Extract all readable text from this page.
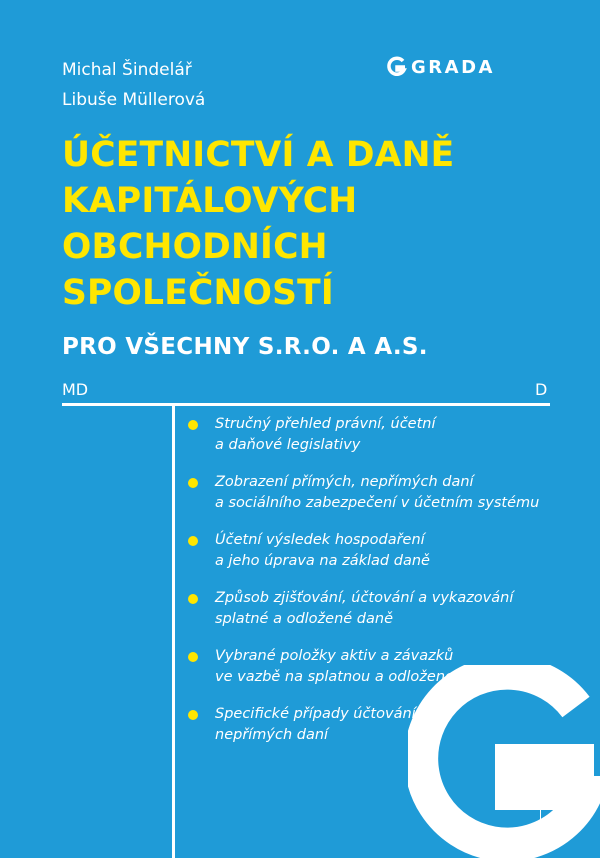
Michal Šindelář
Libuše Müllerová
GRADA
ÚČETNICTVÍ A DANĚ
KAPITÁLOVÝCH
OBCHODNÍCH
SPOLEČNOSTÍ
PRO VŠECHNY S.R.O. A A.S.
MD	D
Stručný přehled právní, účetní
a daňové legislativy
Zobrazení přímých, nepřímých daní
a sociálního zabezpečení v účetním systému
Účetní výsledek hospodaření
a jeho úprava na základ daně
Způsob zjišťování, účtování a vykazování
splatné a odložené daně
Vybrané položky aktiv a závazků
ve vazbě na splatnou a odloženou daň
Specifické případy účtování
nepřímých daní
MD	D
